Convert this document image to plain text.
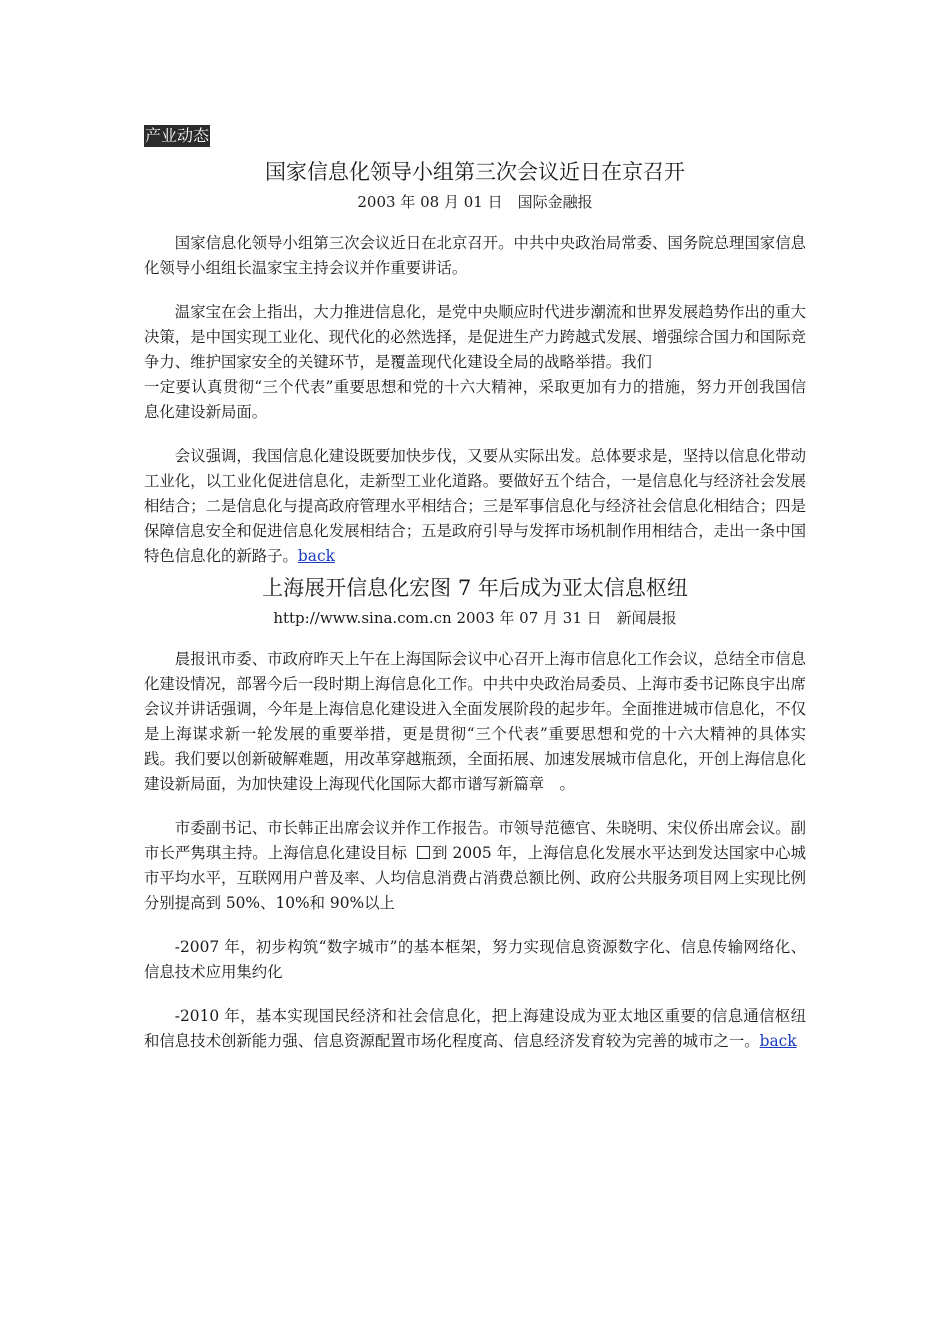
产业动态
国家信息化领导小组第三次会议近日在京召开
2003 年 08 月 01 日　国际金融报

国家信息化领导小组第三次会议近日在北京召开。中共中央政治局常委、国务院总理国家信息化领导小组组长温家宝主持会议并作重要讲话。

温家宝在会上指出，大力推进信息化，是党中央顺应时代进步潮流和世界发展趋势作出的重大决策，是中国实现工业化、现代化的必然选择，是促进生产力跨越式发展、增强综合国力和国际竞争力、维护国家安全的关键环节，是覆盖现代化建设全局的战略举措。我们

一定要认真贯彻“三个代表”重要思想和党的十六大精神，采取更加有力的措施，努力开创我国信息化建设新局面。

会议强调，我国信息化建设既要加快步伐，又要从实际出发。总体要求是，坚持以信息化带动工业化，以工业化促进信息化，走新型工业化道路。要做好五个结合，一是信息化与经济社会发展相结合；二是信息化与提高政府管理水平相结合；三是军事信息化与经济社会信息化相结合；四是保障信息安全和促进信息化发展相结合；五是政府引导与发挥市场机制作用相结合，走出一条中国特色信息化的新路子。back

上海展开信息化宏图 7 年后成为亚太信息枢纽
http://www.sina.com.cn 2003 年 07 月 31 日　新闻晨报

晨报讯市委、市政府昨天上午在上海国际会议中心召开上海市信息化工作会议，总结全市信息化建设情况，部署今后一段时期上海信息化工作。中共中央政治局委员、上海市委书记陈良宇出席会议并讲话强调，今年是上海信息化建设进入全面发展阶段的起步年。全面推进城市信息化，不仅是上海谋求新一轮发展的重要举措，更是贯彻“三个代表”重要思想和党的十六大精神的具体实践。我们要以创新破解难题，用改革穿越瓶颈，全面拓展、加速发展城市信息化，开创上海信息化建设新局面，为加快建设上海现代化国际大都市谱写新篇章　。

市委副书记、市长韩正出席会议并作工作报告。市领导范德官、朱晓明、宋仪侨出席会议。副市长严隽琪主持。上海信息化建设目标 到 2005 年，上海信息化发展水平达到发达国家中心城市平均水平，互联网用户普及率、人均信息消费占消费总额比例、政府公共服务项目网上实现比例分别提高到 50%、10%和 90%以上

-2007 年，初步构筑“数字城市”的基本框架，努力实现信息资源数字化、信息传输网络化、信息技术应用集约化

-2010 年，基本实现国民经济和社会信息化，把上海建设成为亚太地区重要的信息通信枢纽和信息技术创新能力强、信息资源配置市场化程度高、信息经济发育较为完善的城市之一。back
